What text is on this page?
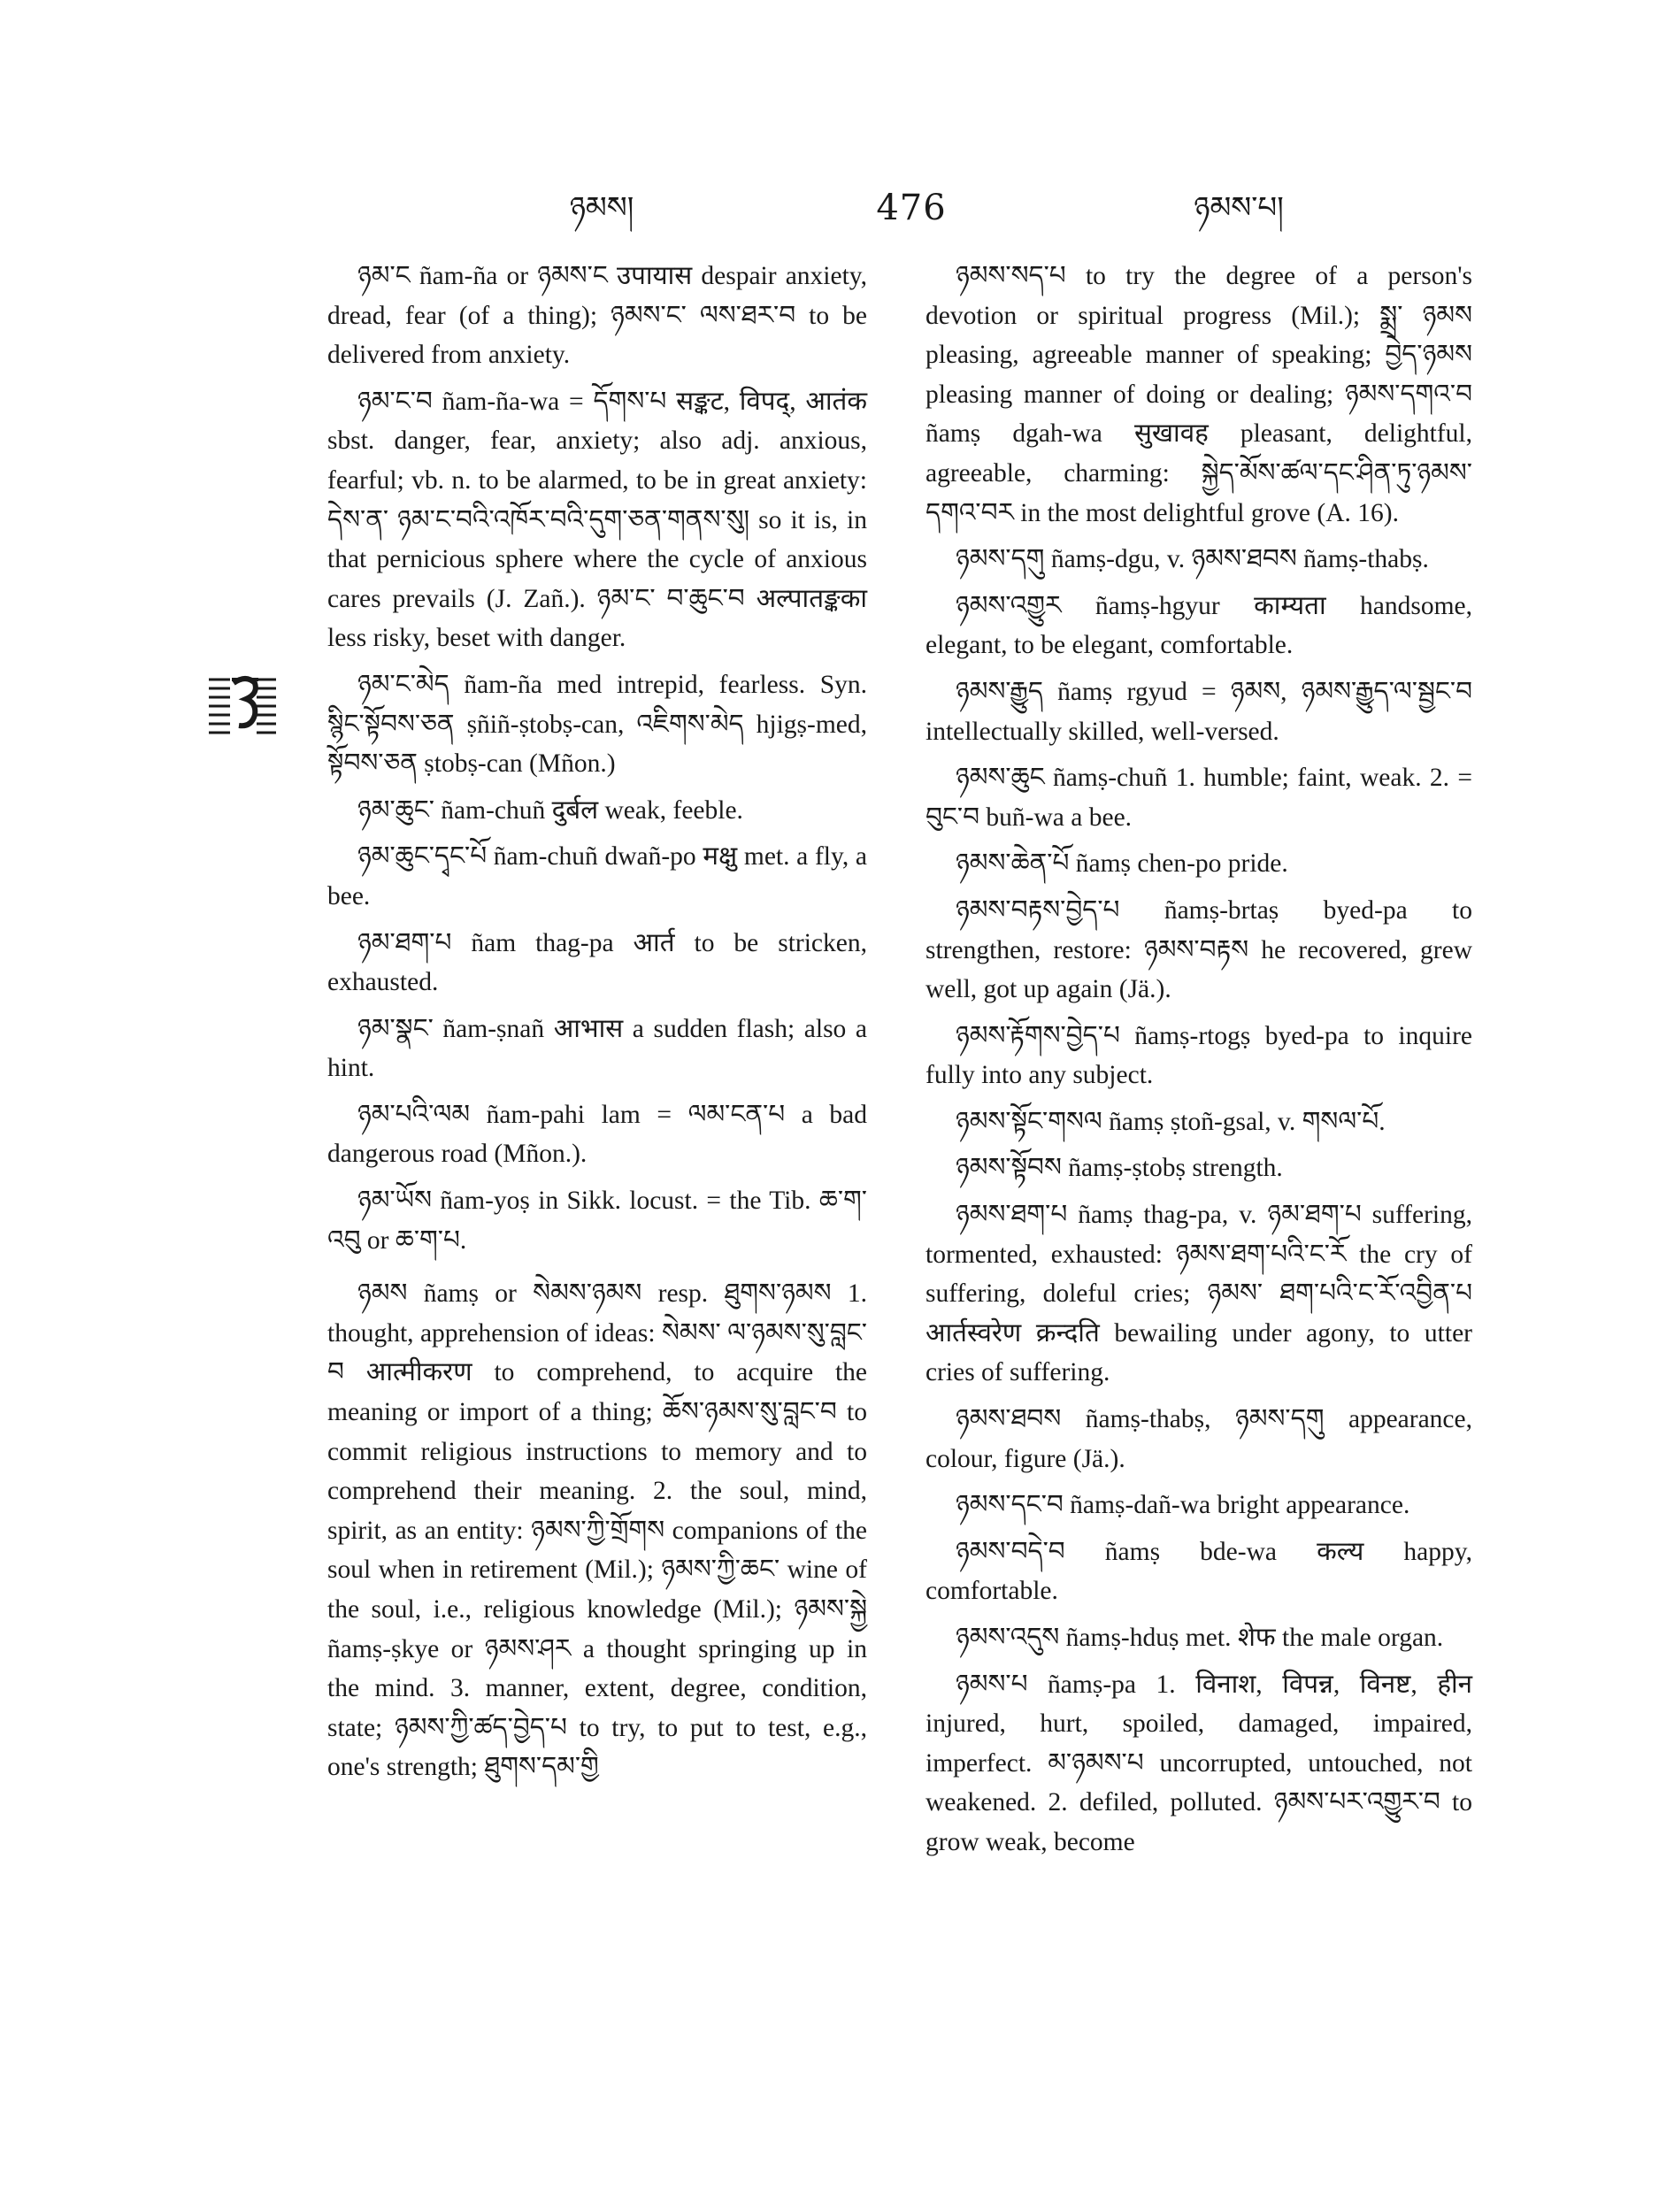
ཉམས།	476	ཉམས་པ།

ཉམ་ང ñam-ña or ཉམས་ང उपायास despair anxiety, dread, fear (of a thing); ཉམས་ང་ ལས་ཐར་བ to be delivered from anxiety.

ཉམ་ང་བ ñam-ña-wa = དོགས་པ सङ्कट, विपद्, आतंक sbst. danger, fear, anxiety; also adj. anxious, fearful; vb. n. to be alarmed, to be in great anxiety: དེས་ན་ ཉམ་ང་བའི་འཁོར་བའི་དུག་ཅན་གནས་སུ། so it is, in that pernicious sphere where the cycle of anxious cares prevails (J. Zañ.). ཉམ་ང་ བ་ཆུང་བ अल्पातङ्कका less risky, beset with danger.

ཉམ་ང་མེད ñam-ña med intrepid, fearless. Syn. སྙིང་སྟོབས་ཅན ṣñiñ-ṣtobṣ-can, འཇིགས་མེད hjigṣ-med, སྟོབས་ཅན ṣtobṣ-can (Mñon.)

ཉམ་ཆུང་ ñam-chuñ दुर्बल weak, feeble.

ཉམ་ཆུང་དྭང་པོ ñam-chuñ dwañ-po मक्षु met. a fly, a bee.

ཉམ་ཐག་པ ñam thag-pa आर्त to be stricken, exhausted.

ཉམ་སྣང་ ñam-ṣnañ आभास a sudden flash; also a hint.

ཉམ་པའི་ལམ ñam-pahi lam = ལམ་ངན་པ a bad dangerous road (Mñon.).

ཉམ་ཡོས ñam-yoṣ in Sikk. locust. = the Tib. ཆ་ག་འབུ or ཆ་ག་པ.

ཉམས ñamṣ or སེམས་ཉམས resp. ཐུགས་ཉམས 1. thought, apprehension of ideas: སེམས་ ལ་ཉམས་སུ་བླང་བ आत्मीकरण to comprehend, to acquire the meaning or import of a thing; ཆོས་ཉམས་སུ་བླང་བ to commit religious instructions to memory and to comprehend their meaning. 2. the soul, mind, spirit, as an entity: ཉམས་ཀྱི་གྲོགས companions of the soul when in retirement (Mil.); ཉམས་ཀྱི་ཆང་ wine of the soul, i.e., religious knowledge (Mil.); ཉམས་སྐྱེ ñamṣ-ṣkye or ཉམས་ཤར a thought springing up in the mind. 3. manner, extent, degree, condition, state; ཉམས་ཀྱི་ཚད་བྱེད་པ to try, to put to test, e.g., one's strength; ཐུགས་དམ་གྱི

ཉམས་སད་པ to try the degree of a person's devotion or spiritual progress (Mil.); སྨྲ་ ཉམས pleasing, agreeable manner of speaking; བྱེད་ཉམས pleasing manner of doing or dealing; ཉམས་དགའ་བ ñamṣ dgah-wa सुखावह pleasant, delightful, agreeable, charming: སྐྱེད་མོས་ཚལ་དང་ཤིན་ཏུ་ཉམས་དགའ་བར in the most delightful grove (A. 16).

ཉམས་དགུ ñamṣ-dgu, v. ཉམས་ཐབས ñamṣ-thabṣ.

ཉམས་འགྱུར ñamṣ-hgyur काम्यता handsome, elegant, to be elegant, comfortable.

ཉམས་རྒྱུད ñamṣ rgyud = ཉམས, ཉམས་རྒྱུད་ལ་སྦྱང་བ intellectually skilled, well-versed.

ཉམས་ཆུང ñamṣ-chuñ 1. humble; faint, weak. 2. = བུང་བ buñ-wa a bee.

ཉམས་ཆེན་པོ ñamṣ chen-po pride.

ཉམས་བརྟས་བྱེད་པ ñamṣ-brtaṣ byed-pa to strengthen, restore: ཉམས་བརྟས he recovered, grew well, got up again (Jä.).

ཉམས་རྟོགས་བྱེད་པ ñamṣ-rtogṣ byed-pa to inquire fully into any subject.

ཉམས་སྟོང་གསལ ñamṣ ṣtoñ-gsal, v. གསལ་པོ.

ཉམས་སྟོབས ñamṣ-ṣtobṣ strength.

ཉམས་ཐག་པ ñamṣ thag-pa, v. ཉམ་ཐག་པ suffering, tormented, exhausted: ཉམས་ཐག་པའི་ང་རོ the cry of suffering, doleful cries; ཉམས་ ཐག་པའི་ང་རོ་འབྱིན་པ आर्तस्वरेण क्रन्दति bewailing under agony, to utter cries of suffering.

ཉམས་ཐབས ñamṣ-thabṣ, ཉམས་དགུ appearance, colour, figure (Jä.).

ཉམས་དང་བ ñamṣ-dañ-wa bright appearance.

ཉམས་བདེ་བ ñamṣ bde-wa कल्य happy, comfortable.

ཉམས་འདུས ñamṣ-hduṣ met. शेफ the male organ.

ཉམས་པ ñamṣ-pa 1. विनाश, विपन्न, विनष्ट, हीन injured, hurt, spoiled, damaged, impaired, imperfect. མ་ཉམས་པ uncorrupted, untouched, not weakened. 2. defiled, polluted. ཉམས་པར་འགྱུར་བ to grow weak, become
